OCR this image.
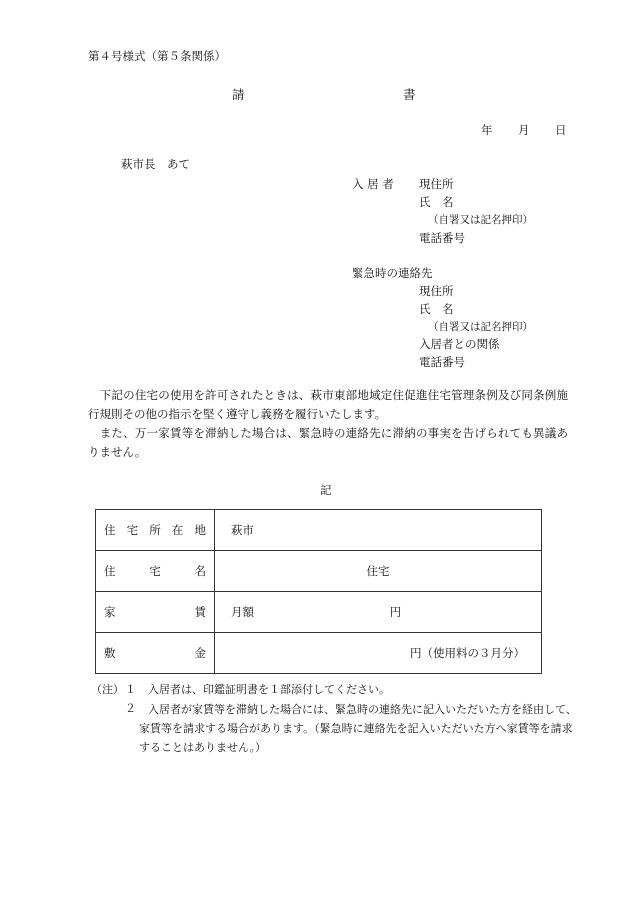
第４号様式（第５条関係）
請	書
年 月 日
萩市長　あて
入 居 者 現住所
氏　名
（自署又は記名押印）
電話番号
緊急時の連絡先
現住所
氏　名
（自署又は記名押印）
入居者との関係
電話番号
　下記の住宅の使用を許可されたときは、萩市東部地域定住促進住宅管理条例及び同条例施行規則その他の指示を堅く遵守し義務を履行いたします。
　また、万一家賃等を滞納した場合は、緊急時の連絡先に滞納の事実を告げられても異議ありません。
記
住 宅 所 在 地	萩市

住 宅 名	住宅

家 賃	月額 円

敷 金	円（使用料の３月分）
（注） １ 入居者は、印鑑証明書を１部添付してください。
２	入居者が家賃等を滞納した場合には、緊急時の連絡先に記入いただいた方を経由して、家賃等を請求する場合があります。（緊急時に連絡先を記入いただいた方へ家賃等を請求することはありません。）
